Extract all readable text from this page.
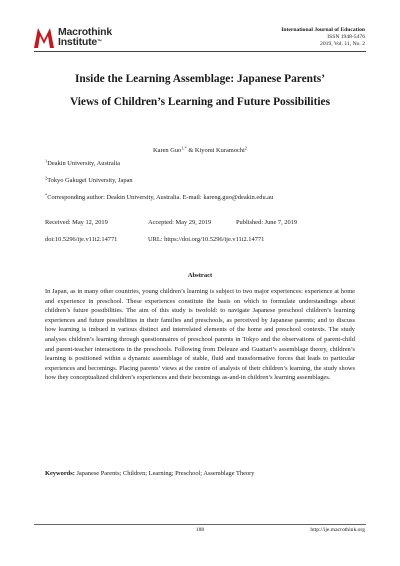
Macrothink
Institute™
International Journal of Education
ISSN 1948-5476
2019, Vol. 11, No. 2
Inside the Learning Assemblage: Japanese Parents’
Views of Children’s Learning and Future Possibilities
Karen Guo$^{1,*}$ & Kiyomi Kuramochi$^2$
$^1$Deakin University, Australia
$^2$Tokyo Gakugei University, Japan
*Corresponding author: Deakin University, Australia. E-mail: kareng.guo@deakin.edu.au
Received: May 12, 2019	Accepted: May 29, 2019	Published: June 7, 2019
doi:10.5296/ije.v11i2.14771	URL: https://doi.org/10.5296/ije.v11i2.14771
Abstract

In Japan, as in many other countries, young children’s learning is subject to two major experiences: experience at home and experience in preschool. These experiences constitute the basis on which to formulate understandings about children’s future possibilities. The aim of this study is twofold: to navigate Japanese preschool children’s learning experiences and future possibilities in their families and preschools, as perceived by Japanese parents; and to discuss how learning is imbued in various distinct and interrelated elements of the home and preschool contexts. The study analyses children’s learning through questionnaires of preschool parents in Tokyo and the observations of parent-child and parent-teacher interactions in the preschools. Following from Deleuze and Guattari’s assemblage theory, children’s learning is positioned within a dynamic assemblage of stable, fluid and transformative forces that leads to particular experiences and becomings. Placing parents’ views at the centre of analysis of their children’s learning, the study shows how they conceptualized children’s experiences and their becomings as-and-in children’s learning assemblages.

Keywords: Japanese Parents; Children; Learning; Preschool; Assemblage Theory
188	http://ije.macrothink.org
